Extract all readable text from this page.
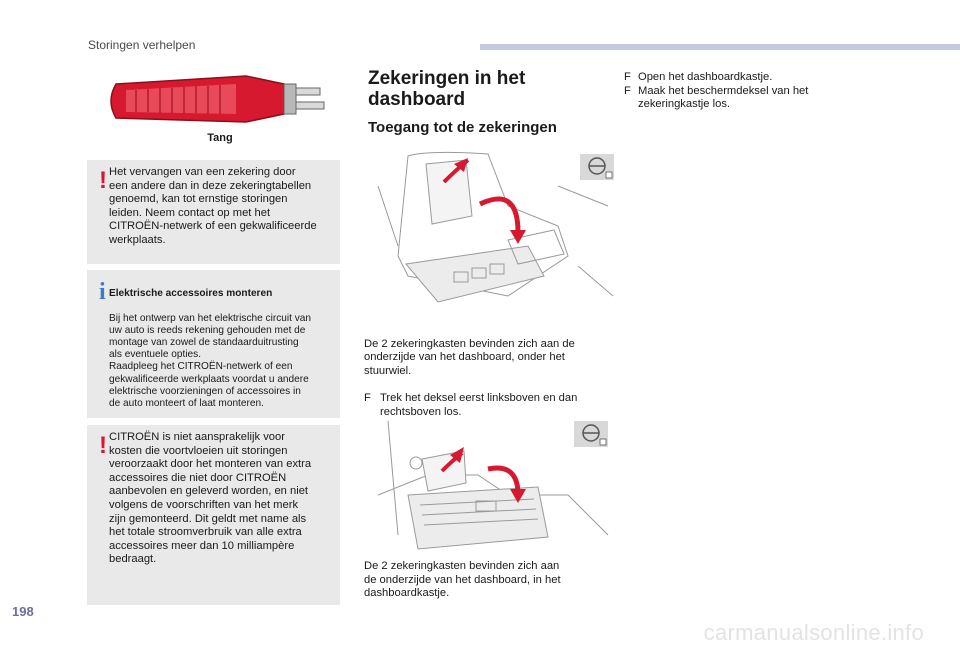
Storingen verhelpen
Tang
! Het vervangen van een zekering door
een andere dan in deze zekeringtabellen
genoemd, kan tot ernstige storingen
leiden. Neem contact op met het
CITROËN-netwerk of een gekwalificeerde
werkplaats.
i Elektrische accessoires monteren

Bij het ontwerp van het elektrische circuit van
uw auto is reeds rekening gehouden met de
montage van zowel de standaarduitrusting
als eventuele opties.
Raadpleeg het CITROËN-netwerk of een
gekwalificeerde werkplaats voordat u andere
elektrische voorzieningen of accessoires in
de auto monteert of laat monteren.

! CITROËN is niet aansprakelijk voor
kosten die voortvloeien uit storingen
veroorzaakt door het monteren van extra
accessoires die niet door CITROËN
aanbevolen en geleverd worden, en niet
volgens de voorschriften van het merk
zijn gemonteerd. Dit geldt met name als
het totale stroomverbruik van alle extra
accessoires meer dan 10 milliampère
bedraagt.
Zekeringen in het
dashboard
Toegang tot de zekeringen

De 2 zekeringkasten bevinden zich aan de
onderzijde van het dashboard, onder het
stuurwiel.

F Trek het deksel eerst linksboven en dan
rechtsboven los.

De 2 zekeringkasten bevinden zich aan
de onderzijde van het dashboard, in het
dashboardkastje.
F Open het dashboardkastje.
F Maak het beschermdeksel van het
zekeringkastje los.
198
carmanualsonline.info
